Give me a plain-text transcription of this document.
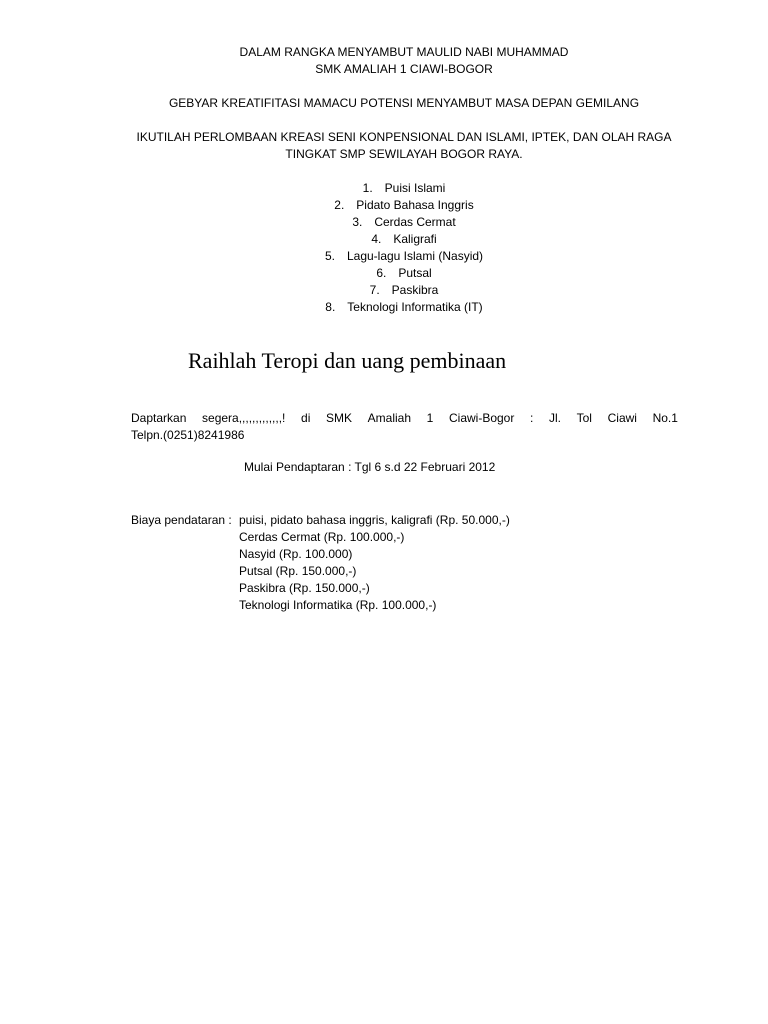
DALAM RANGKA MENYAMBUT MAULID NABI MUHAMMAD
SMK AMALIAH 1 CIAWI-BOGOR
GEBYAR KREATIFITASI MAMACU POTENSI MENYAMBUT MASA DEPAN GEMILANG
IKUTILAH PERLOMBAAN KREASI SENI KONPENSIONAL DAN ISLAMI, IPTEK, DAN OLAH RAGA
TINGKAT SMP SEWILAYAH BOGOR RAYA.
1. Puisi Islami
2. Pidato Bahasa Inggris
3. Cerdas Cermat
4. Kaligrafi
5. Lagu-lagu Islami (Nasyid)
6. Putsal
7. Paskibra
8. Teknologi Informatika (IT)
Raihlah Teropi dan uang pembinaan
Daptarkan segera,,,,,,,,,,,,,! di SMK Amaliah 1 Ciawi-Bogor : Jl. Tol Ciawi No.1
Telpn.(0251)8241986
Mulai Pendaptaran : Tgl 6 s.d 22 Februari 2012
Biaya pendataran : puisi, pidato bahasa inggris, kaligrafi (Rp. 50.000,-)
Cerdas Cermat (Rp. 100.000,-)
Nasyid (Rp. 100.000)
Putsal (Rp. 150.000,-)
Paskibra (Rp. 150.000,-)
Teknologi Informatika (Rp. 100.000,-)
